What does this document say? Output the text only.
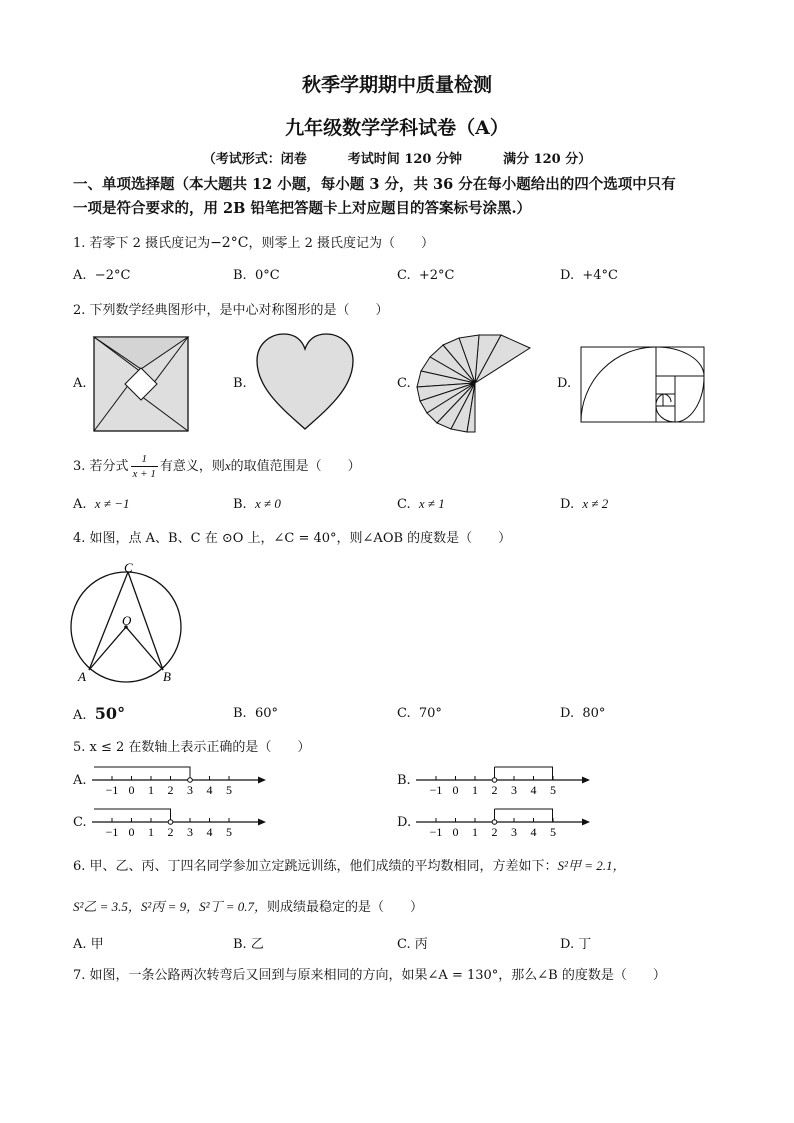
秋季学期期中质量检测
九年级数学学科试卷（A）
（考试形式：闭卷	考试时间 120 分钟	满分 120 分）
一、单项选择题（本大题共 12 小题，每小题 3 分，共 36 分在每小题给出的四个选项中只有
一项是符合要求的，用 2B 铅笔把答题卡上对应题目的答案标号涂黑.）
1. 若零下 2 摄氏度记为−2°C，则零上 2 摄氏度记为（　　）
A. −2°C	B. 0°C	C. +2°C	D. +4°C
2. 下列数学经典图形中，是中心对称图形的是（　　）
A.	B.	C.	D.
3. 若分式 $\frac{1}{x + 1}$ 有意义，则x的取值范围是（　　）
A. x ≠ −1	B. x ≠ 0	C. x ≠ 1	D. x ≠ 2
4. 如图，点 A、B、C 在 ⊙O 上，∠C = 40°，则∠AOB 的度数是（　　）
C
O
A	B
A. 50°	B. 60°	C. 70°	D. 80°
5. x ≤ 2 在数轴上表示正确的是（　　）
A.	B.
C.	D.
−1 0 1 2 3 4 5	−1 0 1 2 3 4 5
−1 0 1 2 3 4 5	−1 0 1 2 3 4 5
6. 甲、乙、丙、丁四名同学参加立定跳远训练，他们成绩的平均数相同，方差如下：S²甲 = 2.1，
S²乙 = 3.5，S²丙 = 9，S²丁 = 0.7，则成绩最稳定的是（　　）
A. 甲	B. 乙	C. 丙	D. 丁
7. 如图，一条公路两次转弯后又回到与原来相同的方向，如果∠A = 130°，那么∠B 的度数是（　　）
